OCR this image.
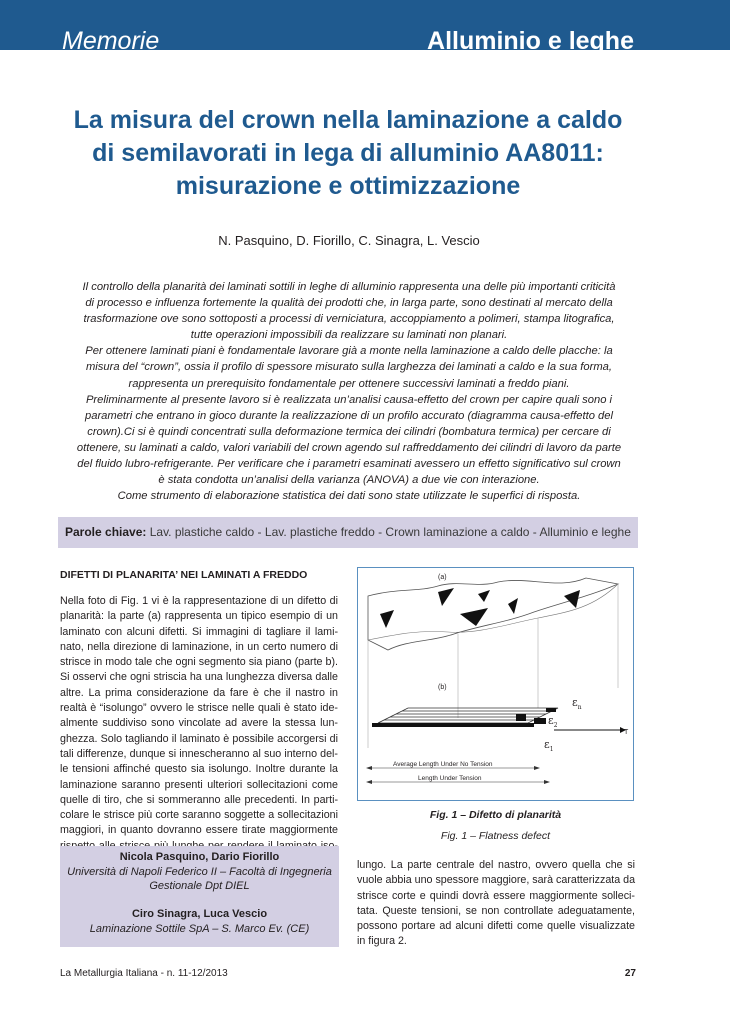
Memorie	Alluminio e leghe
La misura del crown nella laminazione a caldo
di semilavorati in lega di alluminio AA8011:
misurazione e ottimizzazione
N. Pasquino, D. Fiorillo, C. Sinagra, L. Vescio
Il controllo della planarità dei laminati sottili in leghe di alluminio rappresenta una delle più importanti criticità
di processo e influenza fortemente la qualità dei prodotti che, in larga parte, sono destinati al mercato della
trasformazione ove sono sottoposti a processi di verniciatura, accoppiamento a polimeri, stampa litografica,
tutte operazioni impossibili da realizzare su laminati non planari.
Per ottenere laminati piani è fondamentale lavorare già a monte nella laminazione a caldo delle placche: la
misura del “crown”, ossia il profilo di spessore misurato sulla larghezza dei laminati a caldo e la sua forma,
rappresenta un prerequisito fondamentale per ottenere successivi laminati a freddo piani.
Preliminarmente al presente lavoro si è realizzata un’analisi causa-effetto del crown per capire quali sono i
parametri che entrano in gioco durante la realizzazione di un profilo accurato (diagramma causa-effetto del
crown).Ci si è quindi concentrati sulla deformazione termica dei cilindri (bombatura termica) per cercare di
ottenere, su laminati a caldo, valori variabili del crown agendo sul raffreddamento dei cilindri di lavoro da parte
del fluido lubro-refrigerante. Per verificare che i parametri esaminati avessero un effetto significativo sul crown
è stata condotta un’analisi della varianza (ANOVA) a due vie con interazione.
Come strumento di elaborazione statistica dei dati sono state utilizzate le superfici di risposta.
Parole chiave: Lav. plastiche caldo - Lav. plastiche freddo - Crown laminazione a caldo - Alluminio e leghe
DIFETTI DI PLANARITA’ NEI LAMINATI A FREDDO
Nella foto di Fig. 1 vi è la rappresentazione di un difetto di
planarità: la parte (a) rappresenta un tipico esempio di un
laminato con alcuni difetti. Si immagini di tagliare il lami-
nato, nella direzione di laminazione, in un certo numero di
strisce in modo tale che ogni segmento sia piano (parte b).
Si osservi che ogni striscia ha una lunghezza diversa dalle
altre. La prima considerazione da fare è che il nastro in
realtà è “isolungo” ovvero le strisce nelle quali è stato ide-
almente suddiviso sono vincolate ad avere la stessa lun-
ghezza. Solo tagliando il laminato è possibile accorgersi di
tali differenze, dunque si innescheranno al suo interno del-
le tensioni affinché questo sia isolungo. Inoltre durante la
laminazione saranno presenti ulteriori sollecitazioni come
quelle di tiro, che si sommeranno alle precedenti. In parti-
colare le strisce più corte saranno soggette a sollecitazioni
maggiori, in quanto dovranno essere tirate maggiormente
Nicola Pasquino, Dario Fiorillo
Università di Napoli Federico II – Facoltà di Ingegneria
Gestionale Dpt DIEL
Ciro Sinagra, Luca Vescio
Laminazione Sottile SpA – S. Marco Ev. (CE)
(a)
(b)
$\varepsilon_n$
$\varepsilon_2$
$\varepsilon_1$
T
Average Length Under No Tension
Length Under Tension
Fig. 1 – Difetto di planarità
Fig. 1 – Flatness defect
lungo. La parte centrale del nastro, ovvero quella che si
vuole abbia uno spessore maggiore, sarà caratterizzata da
strisce corte e quindi dovrà essere maggiormente solleci-
tata. Queste tensioni, se non controllate adeguatamente,
possono portare ad alcuni difetti come quelle visualizzate
in figura 2.
La Metallurgia Italiana - n. 11-12/2013	27
